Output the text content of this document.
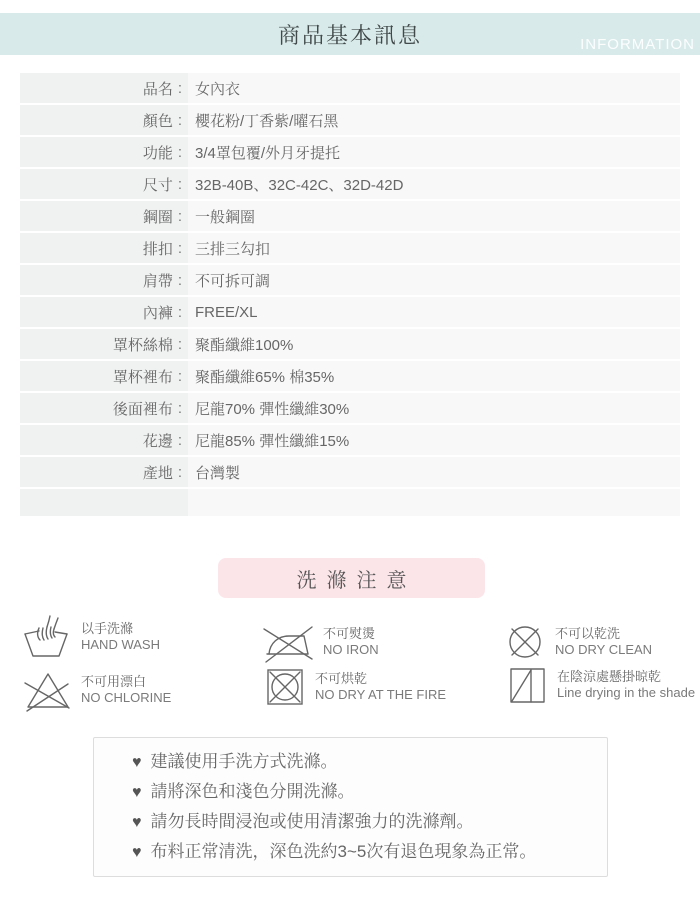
商品基本訊息	INFORMATION
品名 : 女內衣
顏色 : 櫻花粉/丁香紫/曜石黑
功能 : 3/4罩包覆/外月牙提托
尺寸 : 32B-40B、32C-42C、32D-42D
鋼圈 : 一般鋼圈
排扣 : 三排三勾扣
肩帶 : 不可拆可調
內褲 : FREE/XL
罩杯絲棉 : 聚酯纖維100%
罩杯裡布 : 聚酯纖維65% 棉35%
後面裡布 : 尼龍70% 彈性纖維30%
花邊 : 尼龍85% 彈性纖維15%
產地 : 台灣製
洗滌注意
以手洗滌
HAND WASH
不可熨燙
NO IRON
不可以乾洗
NO DRY CLEAN
不可用漂白
NO CHLORINE
不可烘乾
NO DRY AT THE FIRE
在陰涼處懸掛晾乾
Line drying in the shade
♥ 建議使用手洗方式洗滌。
♥ 請將深色和淺色分開洗滌。
♥ 請勿長時間浸泡或使用清潔強力的洗滌劑。
♥ 布料正常清洗，深色洗約3~5次有退色現象為正常。
